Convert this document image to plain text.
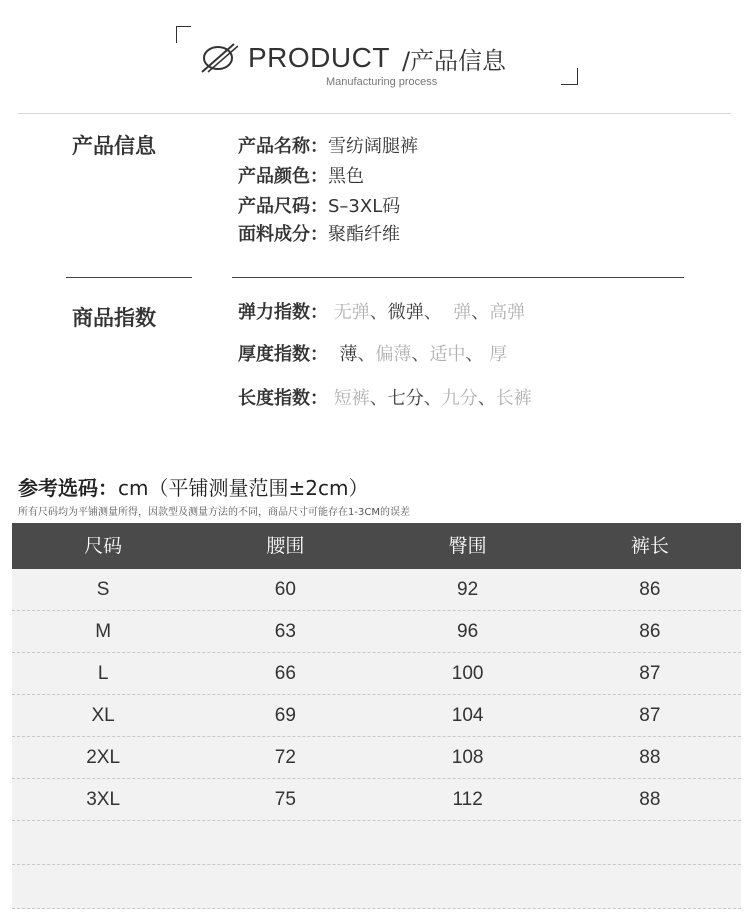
PRODUCT /产品信息
Manufacturing process
产品信息	产品名称：雪纺阔腿裤
产品颜色：黑色
产品尺码：S–3XL码
面料成分：聚酯纤维
商品指数	弹力指数： 无弹、微弹、 弹、高弹
厚度指数： 薄、偏薄、适中、 厚
长度指数： 短裤、七分、九分、长裤
参考选码：cm（平铺测量范围±2cm）
所有尺码均为平铺测量所得，因款型及测量方法的不同，商品尺寸可能存在1-3CM的误差
尺码	腰围	臀围	裤长
S	60	92	86
M	63	96	86
L	66	100	87
XL	69	104	87
2XL	72	108	88
3XL	75	112	88
